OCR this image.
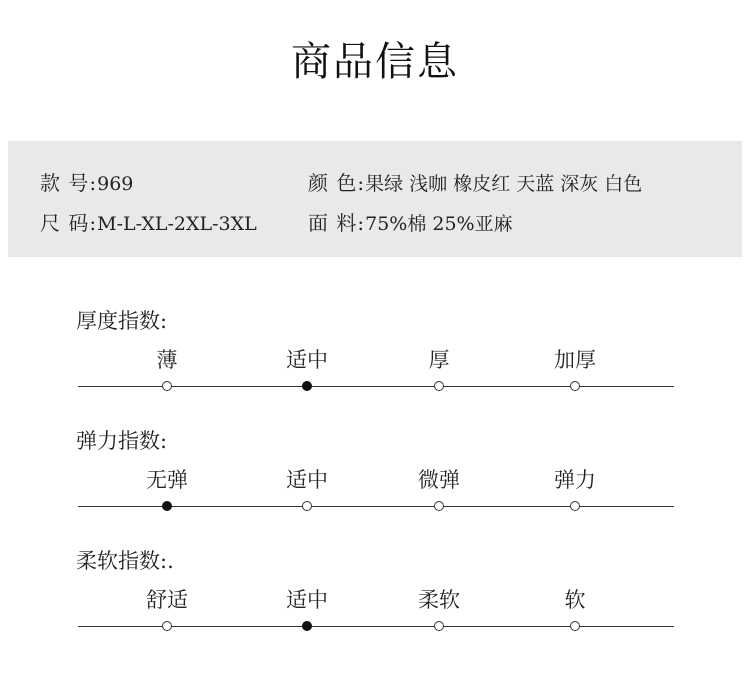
商品信息
款 号:969	颜 色:果绿 浅咖 橡皮红 天蓝 深灰 白色
尺 码:M-L-XL-2XL-3XL	面 料:75%棉 25%亚麻
厚度指数:
薄	适中	厚	加厚
弹力指数:
无弹	适中	微弹	弹力
柔软指数:.
舒适	适中	柔软	软
